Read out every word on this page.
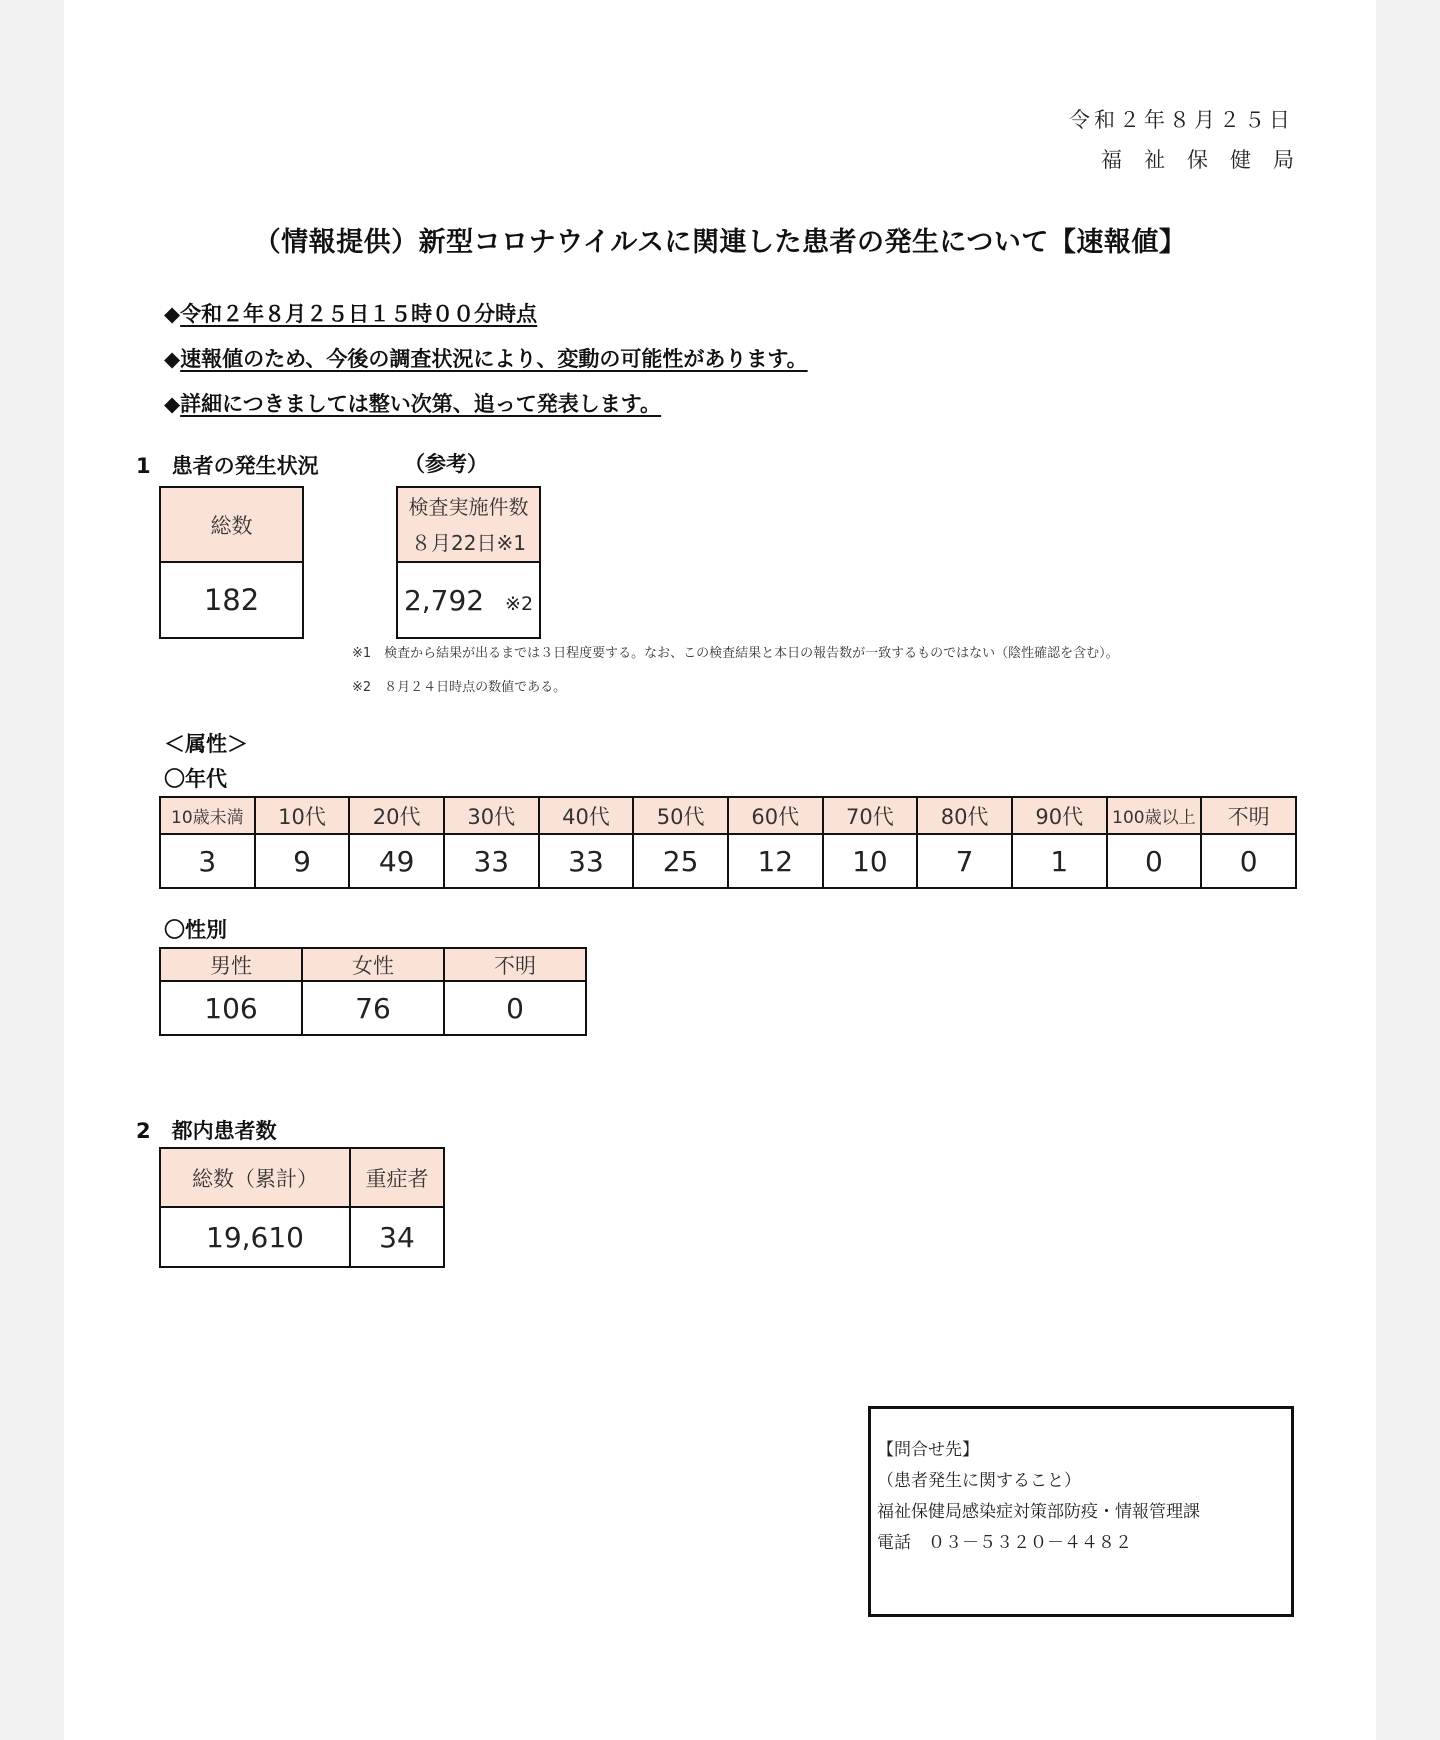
令和２年８月２５日
福祉保健局
（情報提供）新型コロナウイルスに関連した患者の発生について【速報値】
◆令和２年８月２５日１５時００分時点
◆速報値のため、今後の調査状況により、変動の可能性があります。
◆詳細につきましては整い次第、追って発表します。
1　患者の発生状況	（参考）
総数
182
検査実施件数
８月22日※1

2,792 ※2
※1　検査から結果が出るまでは３日程度要する。なお、この検査結果と本日の報告数が一致するものではない（陰性確認を含む）。
※2　８月２４日時点の数値である。
＜属性＞
〇年代
10歳未満	10代	20代	30代	40代	50代	60代	70代	80代	90代	100歳以上	不明
3	9	49	33	33	25	12	10	7	1	0	0
〇性別
男性	女性	不明
106	76	0
2　都内患者数
総数（累計）	重症者
19,610	34
【問合せ先】
（患者発生に関すること）
福祉保健局感染症対策部防疫・情報管理課
電話　０３－５３２０－４４８２
